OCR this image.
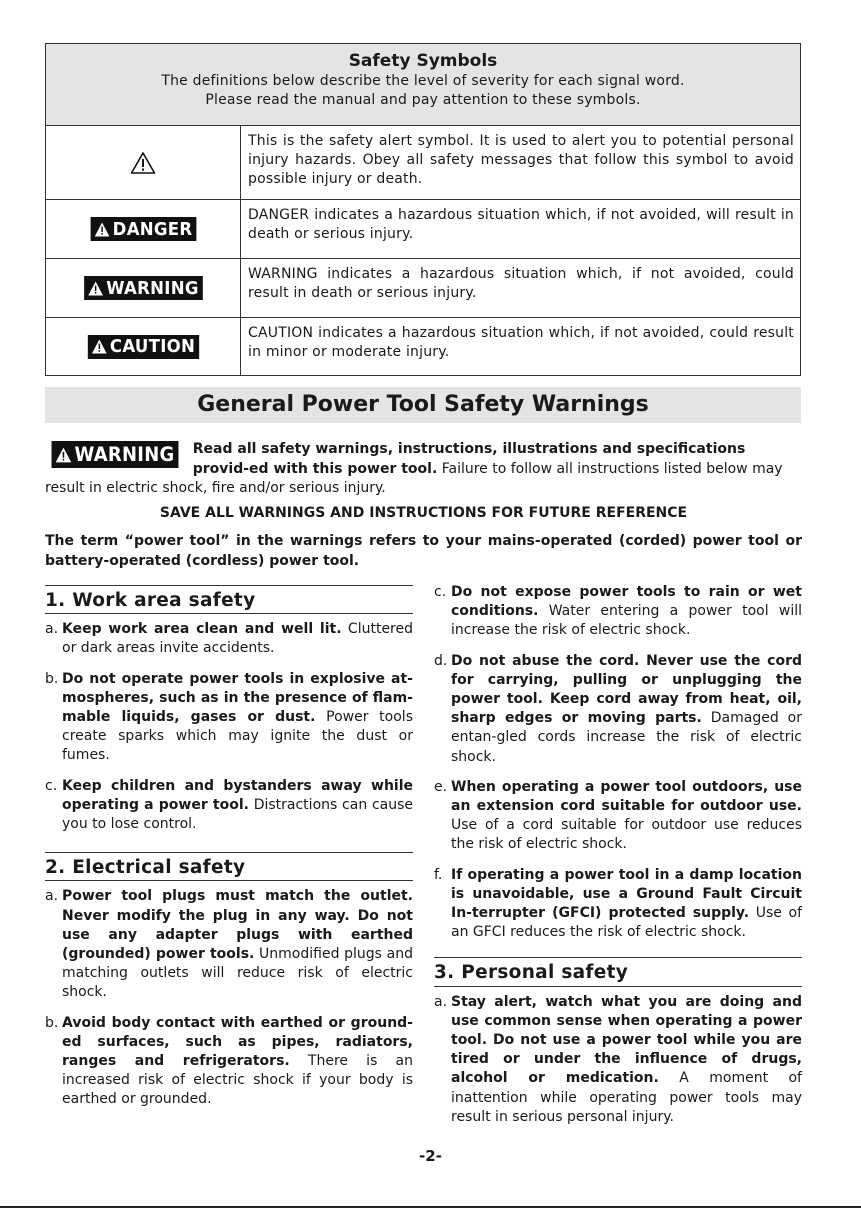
Safety Symbols
The definitions below describe the level of severity for each signal word.
Please read the manual and pay attention to these symbols.
This is the safety alert symbol. It is used to alert you to potential personal injury hazards. Obey all safety messages that follow this symbol to avoid possible injury or death.
DANGER
DANGER indicates a hazardous situation which, if not avoided, will result in death or serious injury.
WARNING
WARNING indicates a hazardous situation which, if not avoided, could result in death or serious injury.
CAUTION
CAUTION indicates a hazardous situation which, if not avoided, could result in minor or moderate injury.
General Power Tool Safety Warnings
WARNING Read all safety warnings, instructions, illustrations and specifications provid-ed with this power tool. Failure to follow all instructions listed below may result in electric shock, fire and/or serious injury.
SAVE ALL WARNINGS AND INSTRUCTIONS FOR FUTURE REFERENCE
The term “power tool” in the warnings refers to your mains-operated (corded) power tool or battery-operated (cordless) power tool.
1. Work area safety
a. Keep work area clean and well lit. Cluttered or dark areas invite accidents.
b. Do not operate power tools in explosive at-mospheres, such as in the presence of flam-mable liquids, gases or dust. Power tools create sparks which may ignite the dust or fumes.
c. Keep children and bystanders away while operating a power tool. Distractions can cause you to lose control.
2. Electrical safety
a. Power tool plugs must match the outlet. Never modify the plug in any way. Do not use any adapter plugs with earthed (grounded) power tools. Unmodified plugs and matching outlets will reduce risk of electric shock.
b. Avoid body contact with earthed or ground-ed surfaces, such as pipes, radiators, ranges and refrigerators. There is an increased risk of electric shock if your body is earthed or grounded.
c. Do not expose power tools to rain or wet conditions. Water entering a power tool will increase the risk of electric shock.
d. Do not abuse the cord. Never use the cord for carrying, pulling or unplugging the power tool. Keep cord away from heat, oil, sharp edges or moving parts. Damaged or entan-gled cords increase the risk of electric shock.
e. When operating a power tool outdoors, use an extension cord suitable for outdoor use. Use of a cord suitable for outdoor use reduces the risk of electric shock.
f. If operating a power tool in a damp location is unavoidable, use a Ground Fault Circuit In-terrupter (GFCI) protected supply. Use of an GFCI reduces the risk of electric shock.
3. Personal safety
a. Stay alert, watch what you are doing and use common sense when operating a power tool. Do not use a power tool while you are tired or under the influence of drugs, alcohol or medication. A moment of inattention while operating power tools may result in serious personal injury.
-2-
